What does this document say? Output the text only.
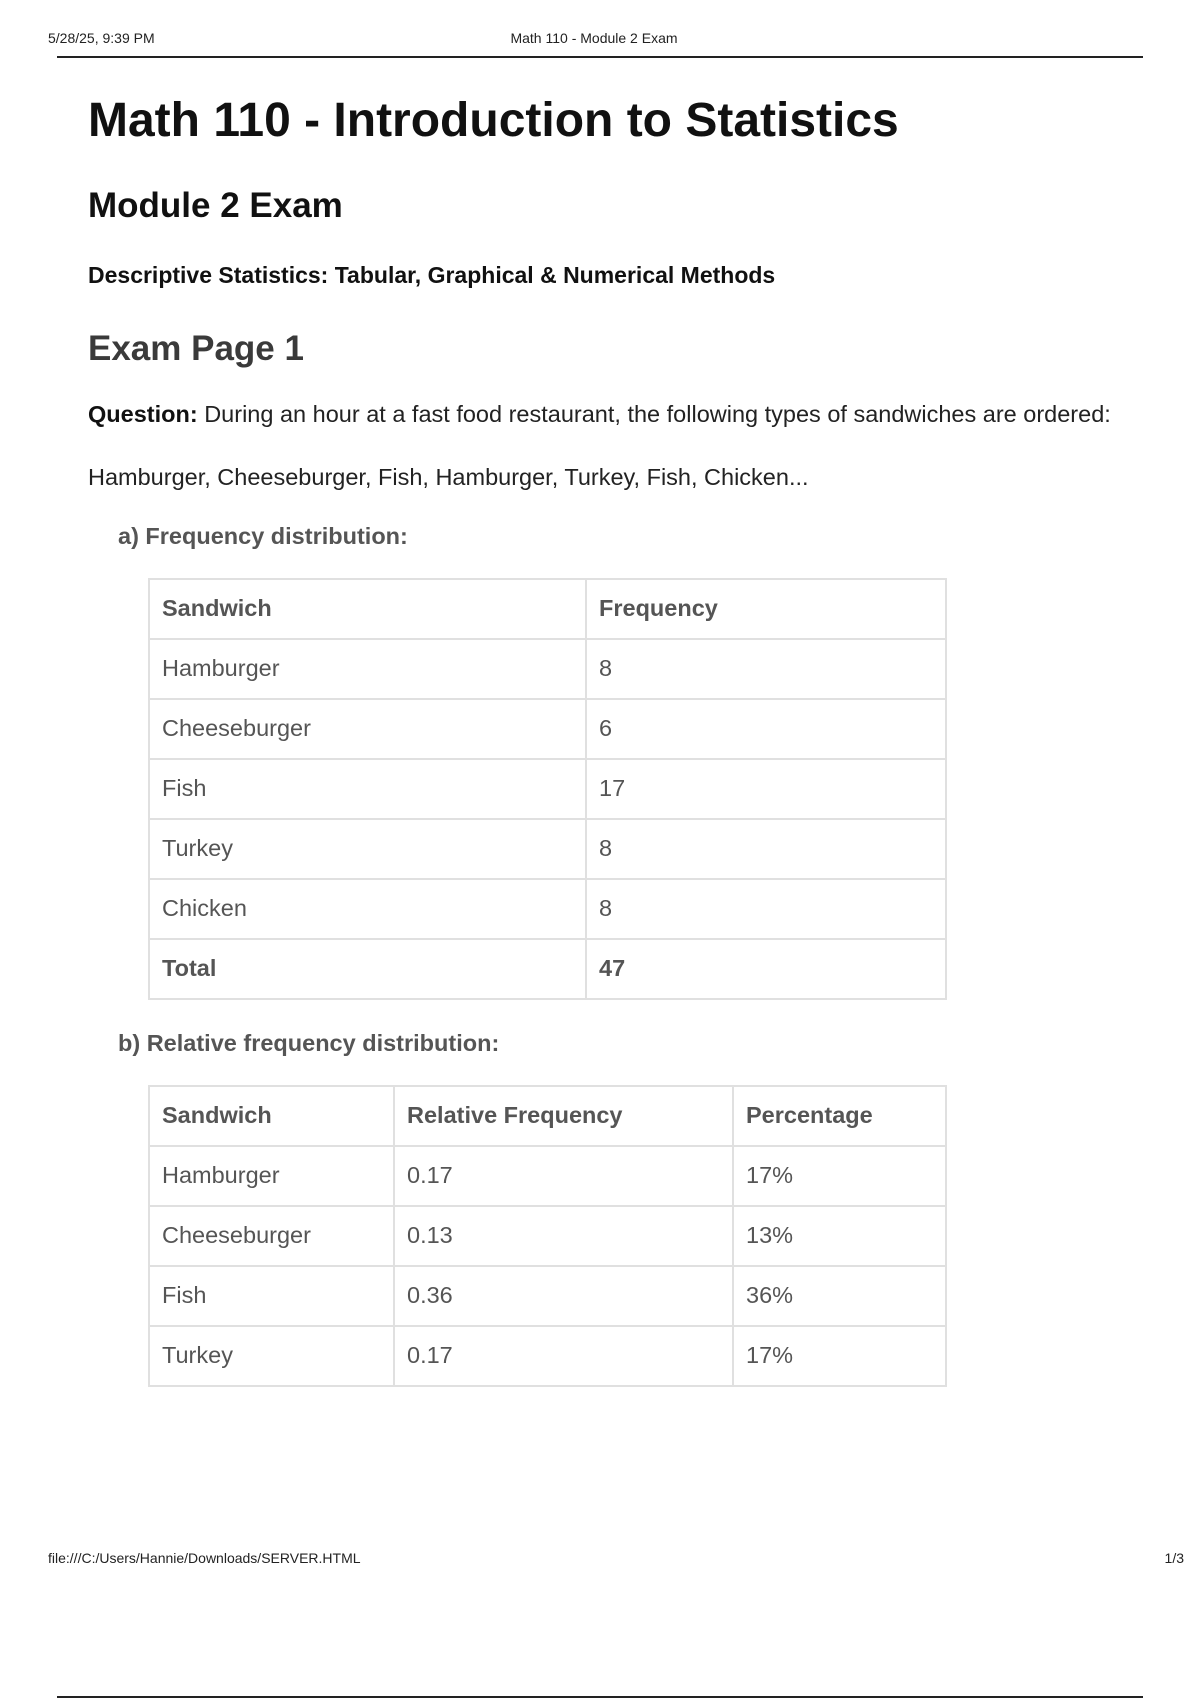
5/28/25, 9:39 PM	Math 110 - Module 2 Exam
Math 110 - Introduction to Statistics
Module 2 Exam
Descriptive Statistics: Tabular, Graphical & Numerical Methods
Exam Page 1
Question: During an hour at a fast food restaurant, the following types of sandwiches are ordered:
Hamburger, Cheeseburger, Fish, Hamburger, Turkey, Fish, Chicken...
a) Frequency distribution:
Sandwich	Frequency
Hamburger	8
Cheeseburger	6
Fish	17
Turkey	8
Chicken	8
Total	47
b) Relative frequency distribution:
Sandwich	Relative Frequency	Percentage
Hamburger	0.17	17%
Cheeseburger	0.13	13%
Fish	0.36	36%
Turkey	0.17	17%
file:///C:/Users/Hannie/Downloads/SERVER.HTML	1/3
